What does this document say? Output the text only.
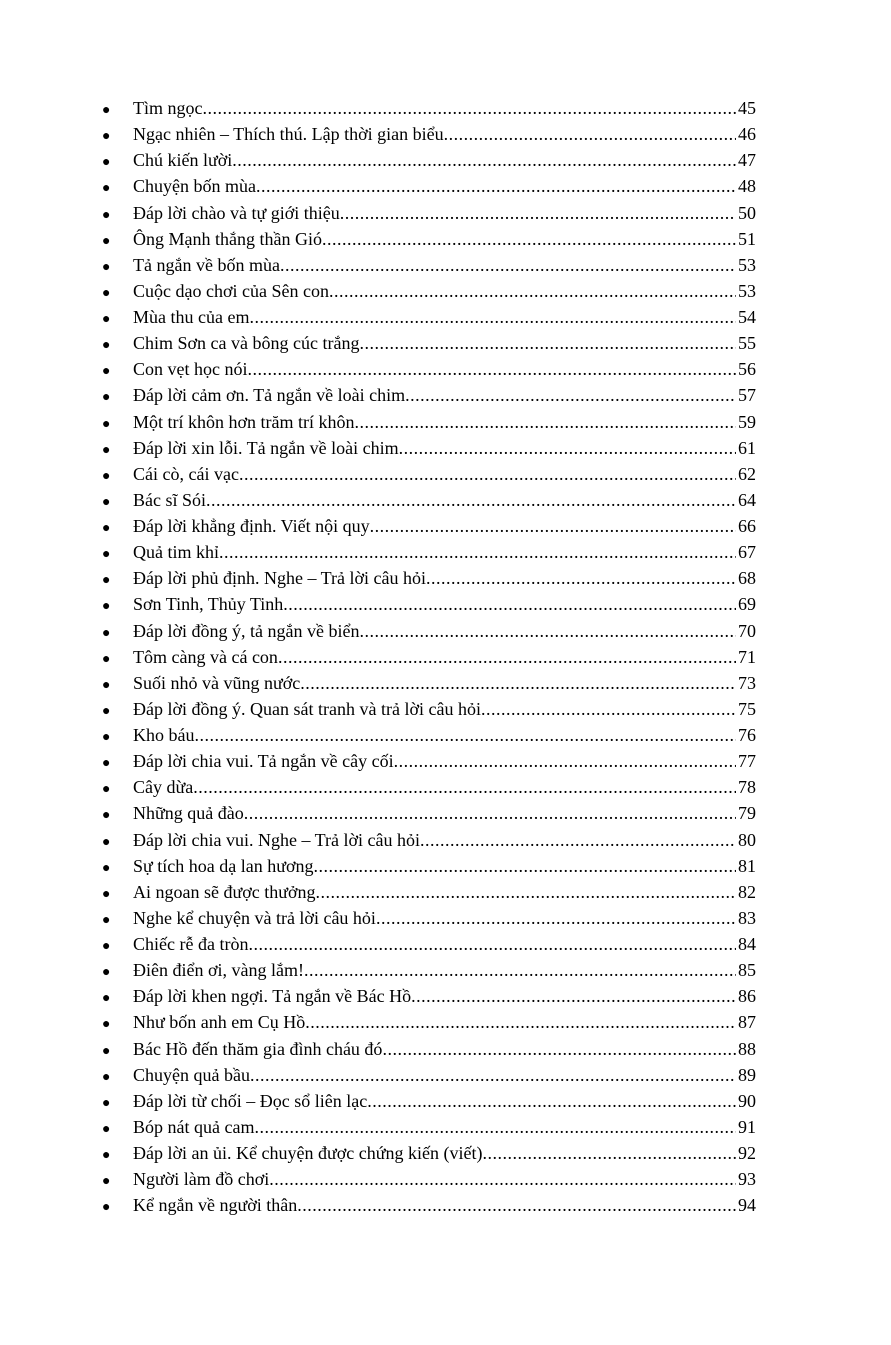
●	Tìm ngọc .....	45
●	Ngạc nhiên – Thích thú. Lập thời gian biểu .....	46
●	Chú kiến lười .....	47
●	Chuyện bốn mùa .....	48
●	Đáp lời chào và tự giới thiệu .....	50
●	Ông Mạnh thắng thần Gió .....	51
●	Tả ngắn về bốn mùa .....	53
●	Cuộc dạo chơi của Sên con .....	53
●	Mùa thu của em .....	54
●	Chim Sơn ca và bông cúc trắng .....	55
●	Con vẹt học nói .....	56
●	Đáp lời cảm ơn. Tả ngắn về loài chim .....	57
●	Một trí khôn hơn trăm trí khôn .....	59
●	Đáp lời xin lỗi. Tả ngắn về loài chim .....	61
●	Cái cò, cái vạc .....	62
●	Bác sĩ Sói .....	64
●	Đáp lời khẳng định. Viết nội quy .....	66
●	Quả tim khỉ .....	67
●	Đáp lời phủ định. Nghe – Trả lời câu hỏi .....	68
●	Sơn Tinh, Thủy Tinh .....	69
●	Đáp lời đồng ý, tả ngắn về biển .....	70
●	Tôm càng và cá con .....	71
●	Suối nhỏ và vũng nước .....	73
●	Đáp lời đồng ý. Quan sát tranh và trả lời câu hỏi .....	75
●	Kho báu .....	76
●	Đáp lời chia vui. Tả ngắn về cây cối .....	77
●	Cây dừa .....	78
●	Những quả đào .....	79
●	Đáp lời chia vui. Nghe – Trả lời câu hỏi .....	80
●	Sự tích hoa dạ lan hương .....	81
●	Ai ngoan sẽ được thưởng .....	82
●	Nghe kể chuyện và trả lời câu hỏi .....	83
●	Chiếc rễ đa tròn .....	84
●	Điên điển ơi, vàng lắm! .....	85
●	Đáp lời khen ngợi. Tả ngắn về Bác Hồ .....	86
●	Như bốn anh em Cụ Hồ .....	87
●	Bác Hồ đến thăm gia đình cháu đó .....	88
●	Chuyện quả bầu .....	89
●	Đáp lời từ chối – Đọc sổ liên lạc .....	90
●	Bóp nát quả cam .....	91
●	Đáp lời an ủi. Kể chuyện được chứng kiến (viết) .....	92
●	Người làm đồ chơi .....	93
●	Kể ngắn về người thân .....	94
